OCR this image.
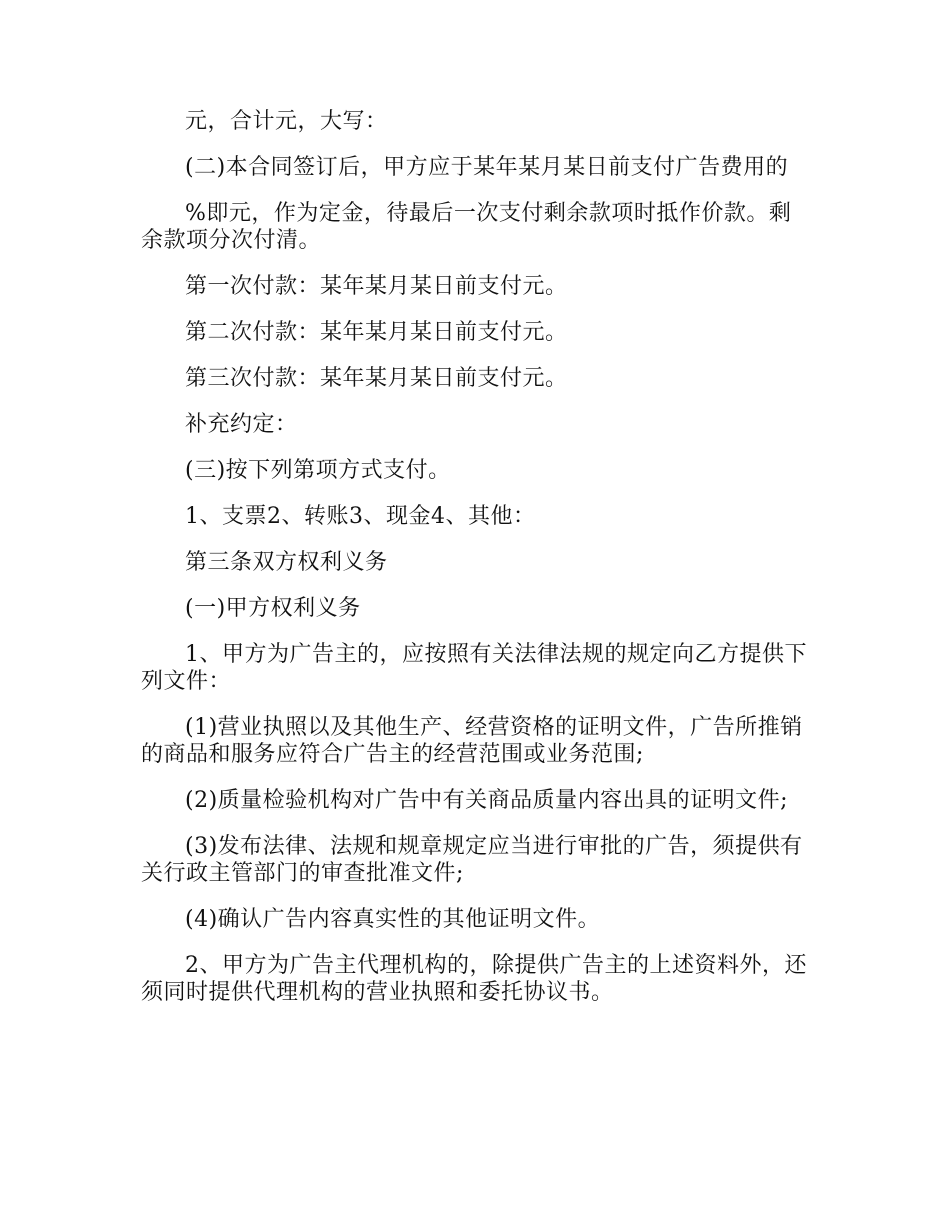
元，合计元，大写：

(二)本合同签订后，甲方应于某年某月某日前支付广告费用的

%即元，作为定金，待最后一次支付剩余款项时抵作价款。剩余款项分次付清。

第一次付款：某年某月某日前支付元。

第二次付款：某年某月某日前支付元。

第三次付款：某年某月某日前支付元。

补充约定：

(三)按下列第项方式支付。

1、支票2、转账3、现金4、其他：

第三条双方权利义务

(一)甲方权利义务

1、甲方为广告主的，应按照有关法律法规的规定向乙方提供下列文件：

(1)营业执照以及其他生产、经营资格的证明文件，广告所推销的商品和服务应符合广告主的经营范围或业务范围;

(2)质量检验机构对广告中有关商品质量内容出具的证明文件;

(3)发布法律、法规和规章规定应当进行审批的广告，须提供有关行政主管部门的审查批准文件;

(4)确认广告内容真实性的其他证明文件。

2、甲方为广告主代理机构的，除提供广告主的上述资料外，还须同时提供代理机构的营业执照和委托协议书。
